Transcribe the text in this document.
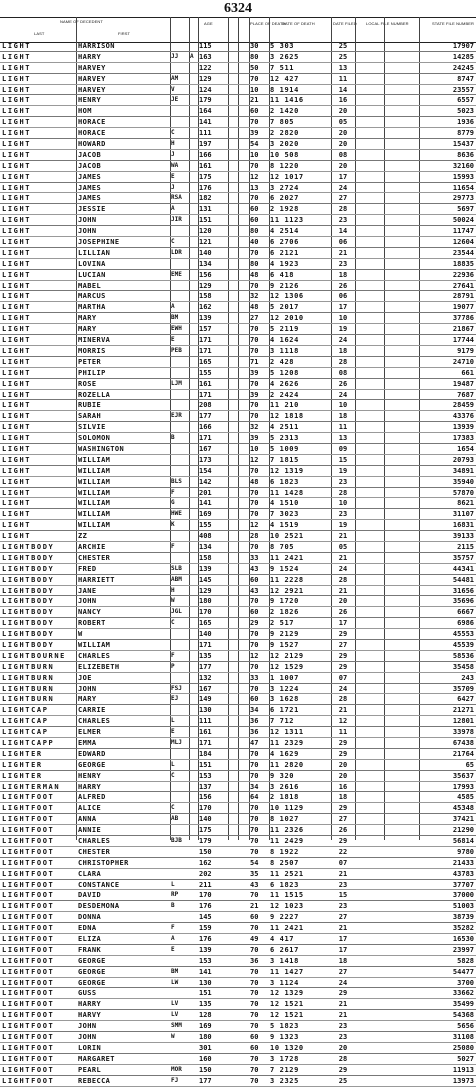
6324
NAME OF DECEDENT
LAST	FIRST
AGE	PLACE OF DEATH
DATE OF DEATH	DATE FILED LOCAL FILE NUMBER	STATE FILE NUMBER
LIGHT	HARRISON	115	30	5 303	25	17907
LIGHT	HARRY	JJ	A 163	80	3 2625	25	14285
LIGHT	HARVEY	122	50	7 511	13	24245
LIGHT	HARVEY	AM	129	70	12 427	11	8747
LIGHT	HARVEY	V	124	10	8 1914	14	23557
LIGHT	HENRY	JE	179	21	11 1416	16	6557
LIGHT	HOM	164	60	2 1420	20	5023
LIGHT	HORACE	141	70	7 805	05	1936
LIGHT	HORACE	C	111	39	2 2820	20	8779
LIGHT	HOWARD	H	197	54	3 2020	20	15437
LIGHT	JACOB	J	166	10	10 508	08	8636
LIGHT	JACOB	WA	161	70	8 1220	20	32160
LIGHT	JAMES	E	175	12	12 1017	17	15993
LIGHT	JAMES	J	176	13	3 2724	24	11654
LIGHT	JAMES	RSA	182	70	6 2027	27	29773
LIGHT	JESSIE	A	131	60	2 1928	28	5697
LIGHT	JOHN	JIR	151	60	11 1123	23	50024
LIGHT	JOHN	120	80	4 2514	14	11747
LIGHT	JOSEPHINE	C	121	40	6 2706	06	12604
LIGHT	LILLIAN	LDR	140	70	6 2121	21	23544
LIGHT	LOVINA	134	80	4 1923	23	18835
LIGHT	LUCIAN	EME	156	48	6 418	18	22936
LIGHT	MABEL	129	70	9 2126	26	27641
LIGHT	MARCUS	158	32	12 1306	06	28791
LIGHT	MARTHA	A	162	48	5 2017	17	19077
LIGHT	MARY	BM	139	27	12 2010	10	37786
LIGHT	MARY	EWH	157	70	5 2119	19	21867
LIGHT	MINERVA	E	171	70	4 1624	24	17744
LIGHT	MORRIS	PEB	171	70	3 1118	18	9179
LIGHT	PETER	165	71	2 428	28	24710
LIGHT	PHILIP	155	39	5 1208	08	661
LIGHT	ROSE	LJM	161	70	4 2626	26	19487
LIGHT	ROZELLA	171	39	2 2424	24	7687
LIGHT	RUBIE	208	70	11 210	10	28459
LIGHT	SARAH	EJR	177	70	12 1818	18	43376
LIGHT	SILVIE	166	32	4 2511	11	13939
LIGHT	SOLOMON	B	171	39	5 2313	13	17383
LIGHT	WASHINGTON	167	10	5 1009	09	1654
LIGHT	WILLIAM	173	12	7 1815	15	20793
LIGHT	WILLIAM	154	70	12 1319	19	34891
LIGHT	WILLIAM	BLS	142	48	6 1823	23	35940
LIGHT	WILLIAM	F	201	70	11 1428	28	57870
LIGHT	WILLIAM	G	141	70	4 1510	10	8621
LIGHT	WILLIAM	HWE	169	70	7 3023	23	31107
LIGHT	WILLIAM	K	155	12	4 1519	19	16831
LIGHT	ZZ	408	28	10 2521	21	39133
LIGHTBODY	ARCHIE	F	134	70	8 705	05	2115
LIGHTBODY	CHESTER	158	33	11 2421	21	35757
LIGHTBODY	FRED	SLB	139	43	9 1524	24	44341
LIGHTBODY	HARRIETT	ABM	145	60	11 2228	28	54481
LIGHTBODY	JANE	H	129	43	12 2921	21	31656
LIGHTBODY	JOHN	W	180	70	9 1720	20	35696
LIGHTBODY	NANCY	JGL	170	60	2 1826	26	6667
LIGHTBODY	ROBERT	C	165	29	2 517	17	6986
LIGHTBODY	W	140	70	9 2129	29	45553
LIGHTBODY	WILLIAM	171	70	9 1527	27	45539
LIGHTBOURNE	CHARLES	F	135	12	12 2129	29	58536
LIGHTBURN	ELIZEBETH	P	177	70	12 1529	29	35458
LIGHTBURN	JOE	132	33	1 1007	07	243
LIGHTBURN	JOHN	FSJ	167	70	3 1224	24	35709
LIGHTBURN	MARY	EJ	149	60	3 1628	28	6427
LIGHTCAP	CARRIE	130	34	6 1721	21	21271
LIGHTCAP	CHARLES	L	111	36	7 712	12	12801
LIGHTCAP	ELMER	E	161	36	12 1311	11	33978
LIGHTCAPP	EMMA	MLJ	171	47	11 2329	29	67438
LIGHTER	EDWARD	184	70	4 1629	29	21764
LIGHTER	GEORGE	L	151	70	11 2820	20	65
LIGHTER	HENRY	C	153	70	9 320	20	35637
LIGHTERMAN	HARRY	137	34	3 2616	16	17993
LIGHTFOOT	ALFRED	156	64	2 1818	18	4585
LIGHTFOOT	ALICE	C	170	70	10 1129	29	45348
LIGHTFOOT	ANNA	AB	140	70	8 1027	27	37421
LIGHTFOOT	ANNIE	175	70	11 2326	26	21290
LIGHTFOOT	CHARLES	BJB	179	70	11 2429	29	56814
LIGHTFOOT	CHESTER	150	70	8 1922	22	9780
LIGHTFOOT	CHRISTOPHER	162	54	8 2507	07	21433
LIGHTFOOT	CLARA	202	35	11 2521	21	43783
LIGHTFOOT	CONSTANCE	L	211	43	6 1823	23	37707
LIGHTFOOT	DAVID	RP	170	70	11 1515	15	37000
LIGHTFOOT	DESDEMONA	B	176	21	12 1023	23	51003
LIGHTFOOT	DONNA	145	60	9 2227	27	38739
LIGHTFOOT	EDNA	F	159	70	11 2421	21	35282
LIGHTFOOT	ELIZA	A	176	49	4 417	17	16530
LIGHTFOOT	FRANK	E	139	70	6 2617	17	23997
LIGHTFOOT	GEORGE	153	36	3 1418	18	5828
LIGHTFOOT	GEORGE	BM	141	70	11 1427	27	54477
LIGHTFOOT	GEORGE	LW	130	70	3 1124	24	3700
LIGHTFOOT	GUSS	151	70	12 1329	29	33662
LIGHTFOOT	HARRY	LV	135	70	12 1521	21	35499
LIGHTFOOT	HARVY	LV	128	70	12 1521	21	54368
LIGHTFOOT	JOHN	SMM	169	70	5 1823	23	5656
LIGHTFOOT	JOHN	W	180	60	9 1323	23	31108
LIGHTFOOT	LORIN	301	60	10 1320	20	25080
LIGHTFOOT	MARGARET	160	70	3 1728	28	5027
LIGHTFOOT	PEARL	MOR	150	70	7 2129	29	11913
LIGHTFOOT	REBECCA	FJ	177	70	3 2325	25	13973
